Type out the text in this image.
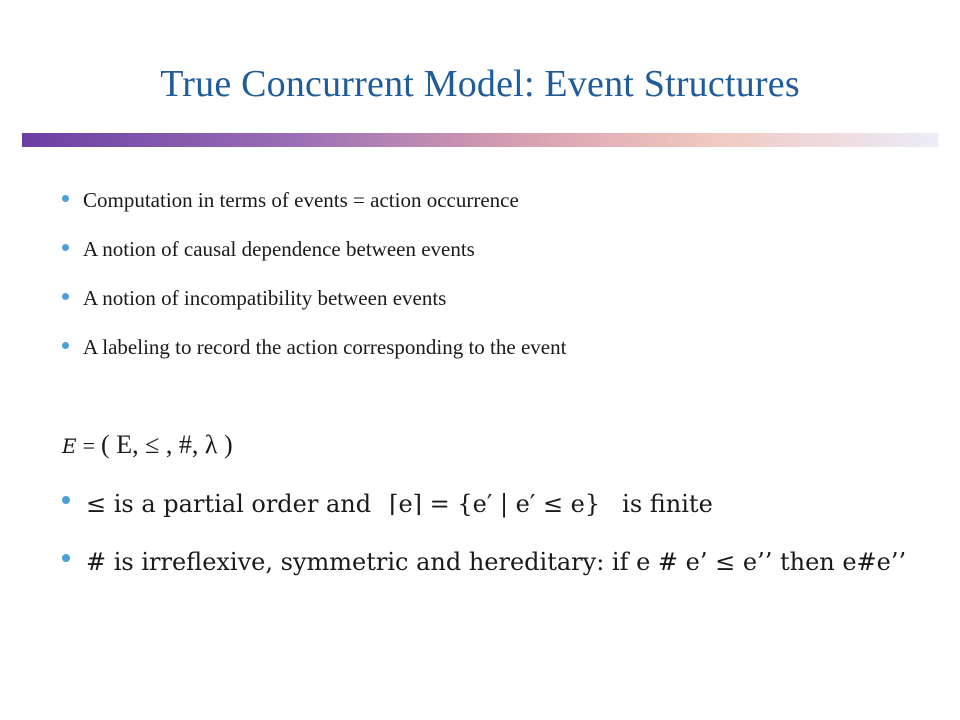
True Concurrent Model: Event Structures
Computation in terms of events = action occurrence
A notion of causal dependence between events
A notion of incompatibility between events
A labeling to record the action corresponding to the event
E = ( E, ≤ , #, λ )
≤ is a partial order and ⌈e⌉ = {e′ | e′ ≤ e} is finite
# is irreflexive, symmetric and hereditary: if e # e’ ≤ e’’ then e#e’’
